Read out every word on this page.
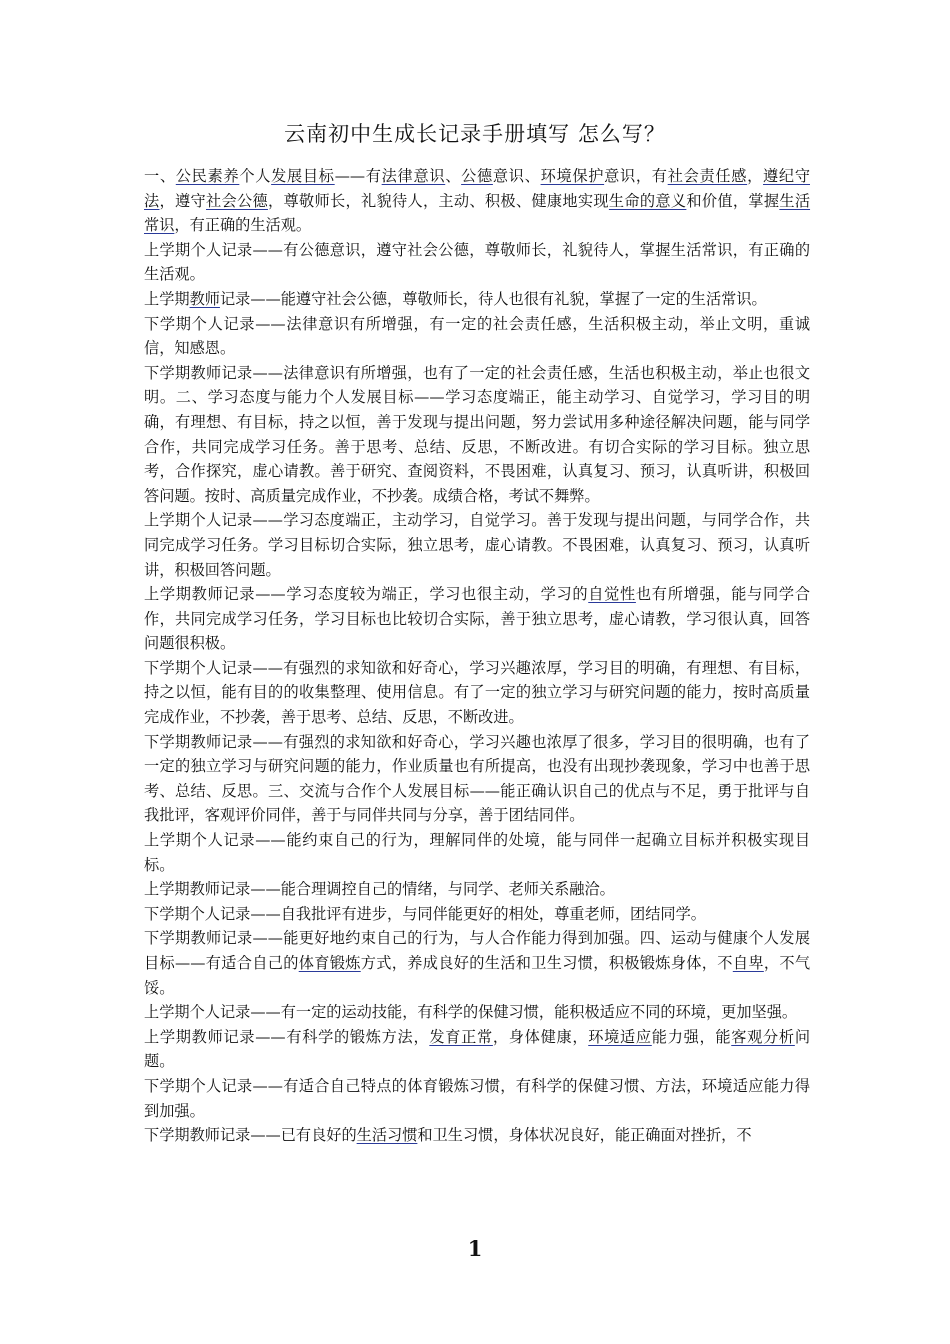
云南初中生成长记录手册填写 怎么写？

一、公民素养个人发展目标——有法律意识、公德意识、环境保护意识，有社会责任感，遵纪守法，遵守社会公德，尊敬师长，礼貌待人，主动、积极、健康地实现生命的意义和价值，掌握生活常识，有正确的生活观。

上学期个人记录——有公德意识，遵守社会公德，尊敬师长，礼貌待人，掌握生活常识，有正确的生活观。

上学期教师记录——能遵守社会公德，尊敬师长，待人也很有礼貌，掌握了一定的生活常识。

下学期个人记录——法律意识有所增强，有一定的社会责任感，生活积极主动，举止文明，重诚信，知感恩。

下学期教师记录——法律意识有所增强，也有了一定的社会责任感，生活也积极主动，举止也很文明。二、学习态度与能力个人发展目标——学习态度端正，能主动学习、自觉学习，学习目的明确，有理想、有目标，持之以恒，善于发现与提出问题，努力尝试用多种途径解决问题，能与同学合作，共同完成学习任务。善于思考、总结、反思，不断改进。有切合实际的学习目标。独立思考，合作探究，虚心请教。善于研究、查阅资料，不畏困难，认真复习、预习，认真听讲，积极回答问题。按时、高质量完成作业，不抄袭。成绩合格，考试不舞弊。

上学期个人记录——学习态度端正，主动学习，自觉学习。善于发现与提出问题，与同学合作，共同完成学习任务。学习目标切合实际，独立思考，虚心请教。不畏困难，认真复习、预习，认真听讲，积极回答问题。

上学期教师记录——学习态度较为端正，学习也很主动，学习的自觉性也有所增强，能与同学合作，共同完成学习任务，学习目标也比较切合实际，善于独立思考，虚心请教，学习很认真，回答问题很积极。

下学期个人记录——有强烈的求知欲和好奇心，学习兴趣浓厚，学习目的明确，有理想、有目标，持之以恒，能有目的的收集整理、使用信息。有了一定的独立学习与研究问题的能力，按时高质量完成作业，不抄袭，善于思考、总结、反思，不断改进。

下学期教师记录——有强烈的求知欲和好奇心，学习兴趣也浓厚了很多，学习目的很明确，也有了一定的独立学习与研究问题的能力，作业质量也有所提高，也没有出现抄袭现象，学习中也善于思考、总结、反思。三、交流与合作个人发展目标——能正确认识自己的优点与不足，勇于批评与自我批评，客观评价同伴，善于与同伴共同与分享，善于团结同伴。

上学期个人记录——能约束自己的行为，理解同伴的处境，能与同伴一起确立目标并积极实现目标。

上学期教师记录——能合理调控自己的情绪，与同学、老师关系融洽。

下学期个人记录——自我批评有进步，与同伴能更好的相处，尊重老师，团结同学。

下学期教师记录——能更好地约束自己的行为，与人合作能力得到加强。四、运动与健康个人发展目标——有适合自己的体育锻炼方式，养成良好的生活和卫生习惯，积极锻炼身体，不自卑，不气馁。

上学期个人记录——有一定的运动技能，有科学的保健习惯，能积极适应不同的环境，更加坚强。

上学期教师记录——有科学的锻炼方法，发育正常，身体健康，环境适应能力强，能客观分析问题。

下学期个人记录——有适合自己特点的体育锻炼习惯，有科学的保健习惯、方法，环境适应能力得到加强。

下学期教师记录——已有良好的生活习惯和卫生习惯，身体状况良好，能正确面对挫折，不

1
